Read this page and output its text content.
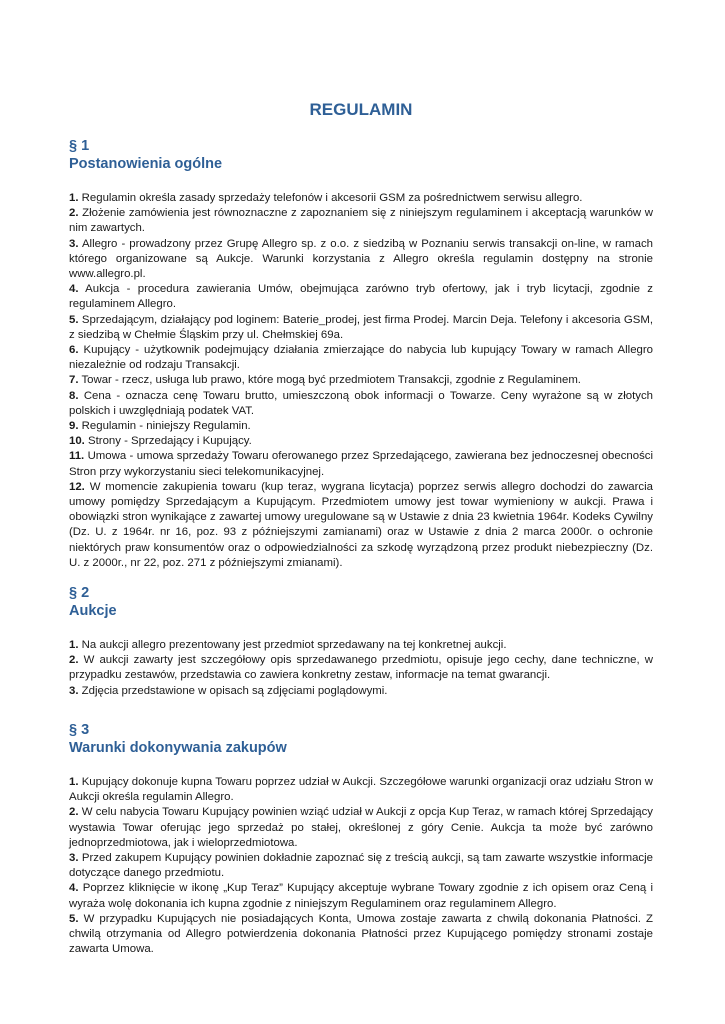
REGULAMIN
§ 1
Postanowienia ogólne

1. Regulamin określa zasady sprzedaży telefonów i akcesorii GSM za pośrednictwem serwisu allegro.

2. Złożenie zamówienia jest równoznaczne z zapoznaniem się z niniejszym regulaminem i akceptacją warunków w nim zawartych.

3. Allegro - prowadzony przez Grupę Allegro sp. z o.o. z siedzibą w Poznaniu serwis transakcji on-line, w ramach którego organizowane są Aukcje. Warunki korzystania z Allegro określa regulamin dostępny na stronie www.allegro.pl.

4. Aukcja - procedura zawierania Umów, obejmująca zarówno tryb ofertowy, jak i tryb licytacji, zgodnie z regulaminem Allegro.

5. Sprzedającym, działający pod loginem: Baterie_prodej, jest firma Prodej. Marcin Deja. Telefony i akcesoria GSM, z siedzibą w Chełmie Śląskim przy ul. Chełmskiej 69a.

6. Kupujący - użytkownik podejmujący działania zmierzające do nabycia lub kupujący Towary w ramach Allegro niezależnie od rodzaju Transakcji.

7. Towar - rzecz, usługa lub prawo, które mogą być przedmiotem Transakcji, zgodnie z Regulaminem.

8. Cena - oznacza cenę Towaru brutto, umieszczoną obok informacji o Towarze. Ceny wyrażone są w złotych polskich i uwzględniają podatek VAT.

9. Regulamin - niniejszy Regulamin.

10. Strony - Sprzedający i Kupujący.

11. Umowa - umowa sprzedaży Towaru oferowanego przez Sprzedającego, zawierana bez jednoczesnej obecności Stron przy wykorzystaniu sieci telekomunikacyjnej.

12. W momencie zakupienia towaru (kup teraz, wygrana licytacja) poprzez serwis allegro dochodzi do zawarcia umowy pomiędzy Sprzedającym a Kupującym. Przedmiotem umowy jest towar wymieniony w aukcji. Prawa i obowiązki stron wynikające z zawartej umowy uregulowane są w Ustawie z dnia 23 kwietnia 1964r. Kodeks Cywilny (Dz. U. z 1964r. nr 16, poz. 93 z późniejszymi zamianami) oraz w Ustawie z dnia 2 marca 2000r. o ochronie niektórych praw konsumentów oraz o odpowiedzialności za szkodę wyrządzoną przez produkt niebezpieczny (Dz. U. z 2000r., nr 22, poz. 271 z późniejszymi zmianami).

§ 2
Aukcje

1. Na aukcji allegro prezentowany jest przedmiot sprzedawany na tej konkretnej aukcji.

2. W aukcji zawarty jest szczegółowy opis sprzedawanego przedmiotu, opisuje jego cechy, dane techniczne, w przypadku zestawów, przedstawia co zawiera konkretny zestaw, informacje na temat gwarancji.

3. Zdjęcia przedstawione w opisach są zdjęciami poglądowymi.

§ 3
Warunki dokonywania zakupów

1. Kupujący dokonuje kupna Towaru poprzez udział w Aukcji. Szczegółowe warunki organizacji oraz udziału Stron w Aukcji określa regulamin Allegro.

2. W celu nabycia Towaru Kupujący powinien wziąć udział w Aukcji z opcja Kup Teraz, w ramach której Sprzedający wystawia Towar oferując jego sprzedaż po stałej, określonej z góry Cenie. Aukcja ta może być zarówno jednoprzedmiotowa, jak i wieloprzedmiotowa.

3. Przed zakupem Kupujący powinien dokładnie zapoznać się z treścią aukcji, są tam zawarte wszystkie informacje dotyczące danego przedmiotu.

4. Poprzez kliknięcie w ikonę „Kup Teraz” Kupujący akceptuje wybrane Towary zgodnie z ich opisem oraz Ceną i wyraża wolę dokonania ich kupna zgodnie z niniejszym Regulaminem oraz regulaminem Allegro.

5. W przypadku Kupujących nie posiadających Konta, Umowa zostaje zawarta z chwilą dokonania Płatności. Z chwilą otrzymania od Allegro potwierdzenia dokonania Płatności przez Kupującego pomiędzy stronami zostaje zawarta Umowa.
